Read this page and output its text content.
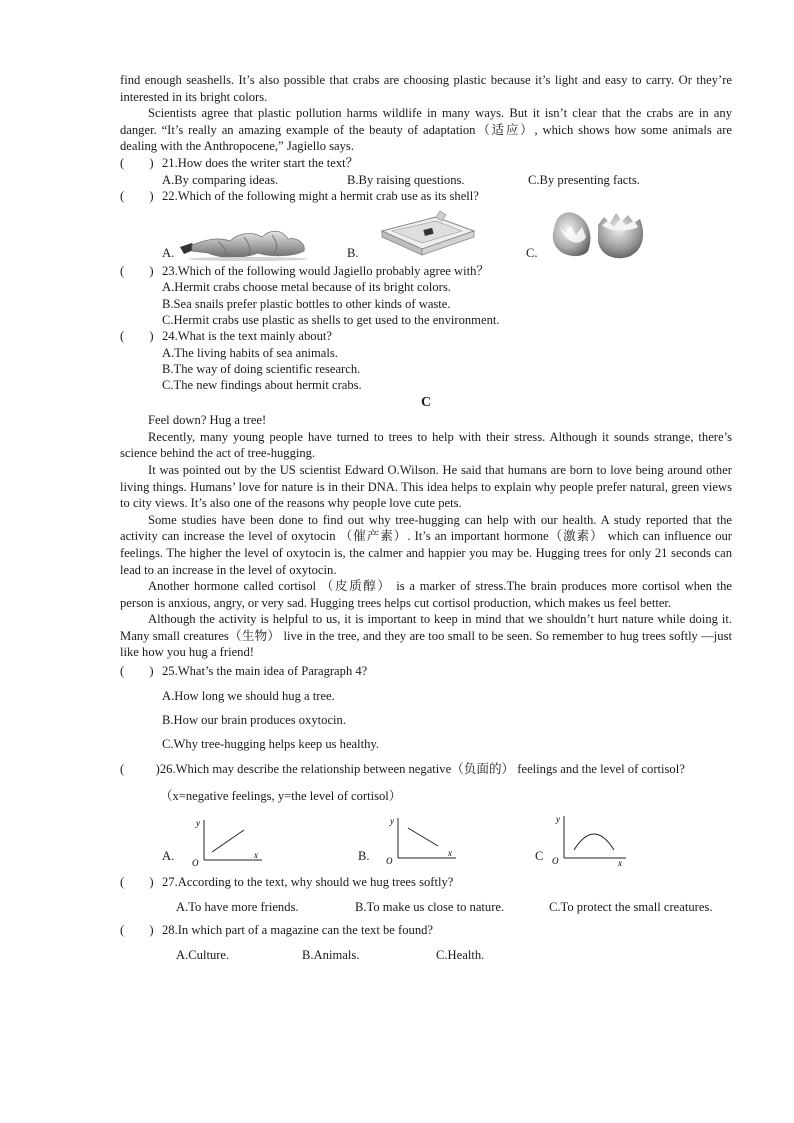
find enough seashells. It’s also possible that crabs are choosing plastic because it’s light and easy to carry. Or they’re interested in its bright colors.

Scientists agree that plastic pollution harms wildlife in many ways. But it isn’t clear that the crabs are in any danger. “It’s really an amazing example of the beauty of adaptation（适应）, which shows how some animals are dealing with the Anthropocene,” Jagiello says.

(        ) 21.How does the writer start the text？
A.By comparing ideas.	B.By raising questions.	C.By presenting facts.
(        ) 22.Which of the following might a hermit crab use as its shell?
A.	B.	C.
(        ) 23.Which of the following would Jagiello probably agree with？
A.Hermit crabs choose metal because of its bright colors.
B.Sea snails prefer plastic bottles to other kinds of waste.
C.Hermit crabs use plastic as shells to get used to the environment.
(        ) 24.What is the text mainly about?
A.The living habits of sea animals.
B.The way of doing scientific research.
C.The new findings about hermit crabs.
C

Feel down? Hug a tree!

Recently, many young people have turned to trees to help with their stress. Although it sounds strange, there’s science behind the act of tree-hugging.

It was pointed out by the US scientist Edward O.Wilson. He said that humans are born to love being around other living things. Humans’ love for nature is in their DNA. This idea helps to explain why people prefer natural, green views to city views. It’s also one of the reasons why people love cute pets.

Some studies have been done to find out why tree-hugging can help with our health. A study reported that the activity can increase the level of oxytocin （催产素）. It’s an important hormone（激素） which can influence our feelings. The higher the level of oxytocin is, the calmer and happier you may be. Hugging trees for only 21 seconds can lead to an increase in the level of oxytocin.

Another hormone called cortisol （皮质醇） is a marker of stress.The brain produces more cortisol when the person is anxious, angry, or very sad. Hugging trees helps cut cortisol production, which makes us feel better.

Although the activity is helpful to us, it is important to keep in mind that we shouldn’t hurt nature while doing it. Many small creatures（生物） live in the tree, and they are too small to be seen. So remember to hug trees softly —just like how you hug a friend!

(        ) 25.What’s the main idea of Paragraph 4?
A.How long we should hug a tree.
B.How our brain produces oxytocin.
C.Why tree-hugging helps keep us healthy.
(          ) 26.Which may describe the relationship between negative（负面的） feelings and the level of cortisol?（x=negative feelings, y=the level of cortisol）
A.
y
x
O	B.
y
x
O	C
y
x
O
(        ) 27.According to the text, why should we hug trees softly?
A.To have more friends.	B.To make us close to nature.	C.To protect the small creatures.
(        ) 28.In which part of a magazine can the text be found?
A.Culture.	B.Animals.	C.Health.
